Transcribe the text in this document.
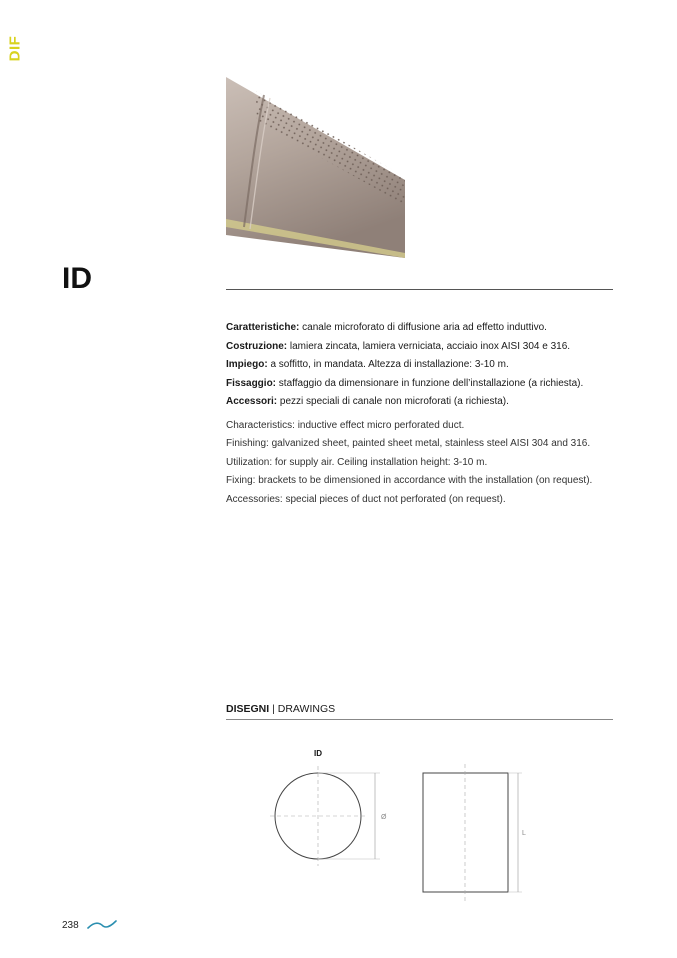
DIF
ID
Caratteristiche: canale microforato di diffusione aria ad effetto induttivo.
Costruzione: lamiera zincata, lamiera verniciata, acciaio inox AISI 304 e 316.
Impiego: a soffitto, in mandata. Altezza di installazione: 3-10 m.
Fissaggio: staffaggio da dimensionare in funzione dell’installazione (a richiesta).
Accessori: pezzi speciali di canale non microforati (a richiesta).
Characteristics: inductive effect micro perforated duct.
Finishing: galvanized sheet, painted sheet metal, stainless steel AISI 304 and 316.
Utilization: for supply air. Ceiling installation height: 3-10 m.
Fixing: brackets to be dimensioned in accordance with the installation (on request).
Accessories: special pieces of duct not perforated (on request).
DISEGNI | DRAWINGS
ID
Ø
L
238
